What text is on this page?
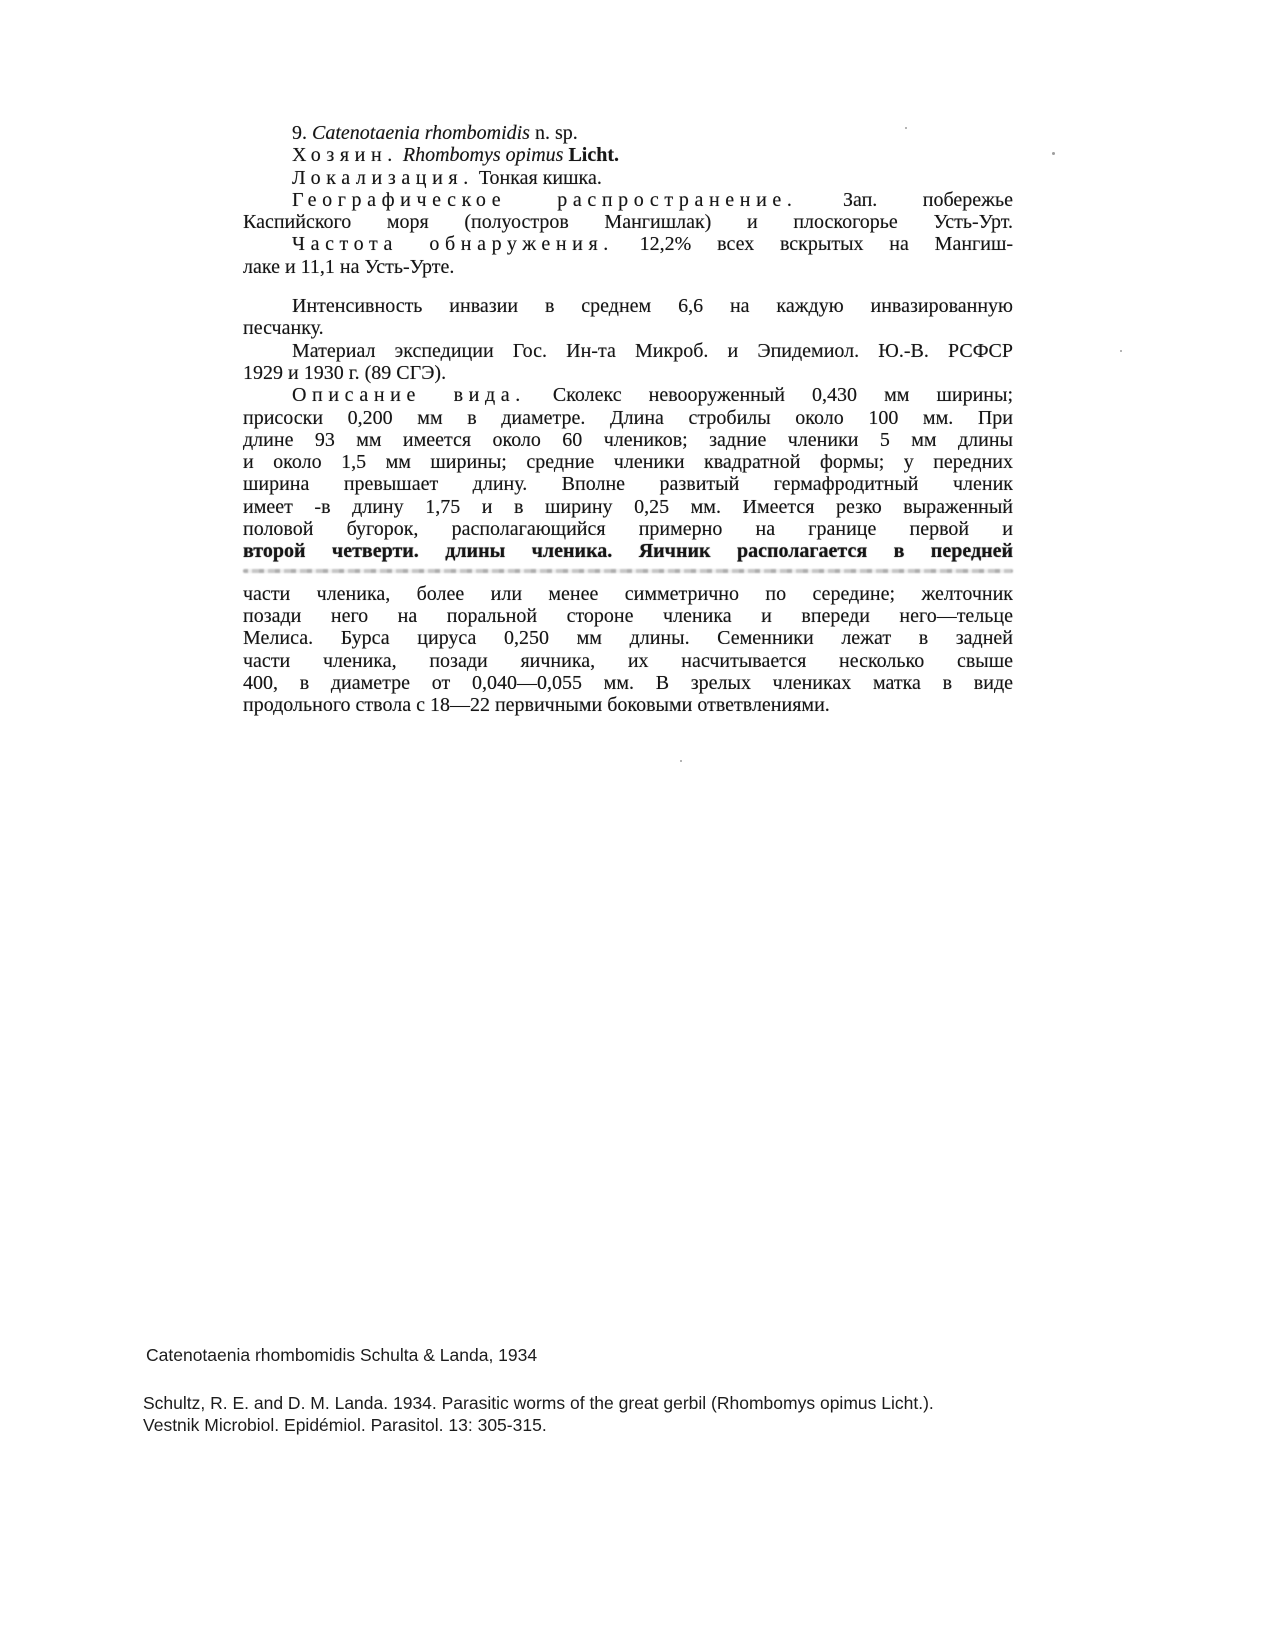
9. Catenotaenia rhombomidis n. sp.
Хозяин. Rhombomys opimus Licht.
Локализация. Тонкая кишка.
Географическое распространение. Зап. побережье
Каспийского моря (полуостров Мангишлак) и плоскогорье Усть-Урт.
Частота обнаружения. 12,2% всех вскрытых на Мангиш-
лаке и 11,1 на Усть-Урте.
Интенсивность инвазии в среднем 6,6 на каждую инвазированную
песчанку.
Материал экспедиции Гос. Ин-та Микроб. и Эпидемиол. Ю.-В. РСФСР
1929 и 1930 г. (89 СГЭ).
Описание вида. Сколекс невооруженный 0,430 мм ширины;
присоски 0,200 мм в диаметре. Длина стробилы около 100 мм. При
длине 93 мм имеется около 60 члеников; задние членики 5 мм длины
и около 1,5 мм ширины; средние членики квадратной формы; у передних
ширина превышает длину. Вполне развитый гермафродитный членик
имеет -в длину 1,75 и в ширину 0,25 мм. Имеется резко выраженный
половой бугорок, располагающийся примерно на границе первой и
второй четверти. длины членика. Яичник располагается в передней
части членика, более или менее симметрично по середине; желточник
позади него на поральной стороне членика и впереди него—тельце
Мелиса. Бурса цируса 0,250 мм длины. Семенники лежат в задней
части членика, позади яичника, их насчитывается несколько свыше
400, в диаметре от 0,040—0,055 мм. В зрелых члениках матка в виде
продольного ствола с 18—22 первичными боковыми ответвлениями.

Catenotaenia rhombomidis Schulta & Landa, 1934

Schultz, R. E. and D. M. Landa. 1934. Parasitic worms of the great gerbil (Rhombomys opimus Licht.).

Vestnik Microbiol. Epidémiol. Parasitol. 13: 305-315.
